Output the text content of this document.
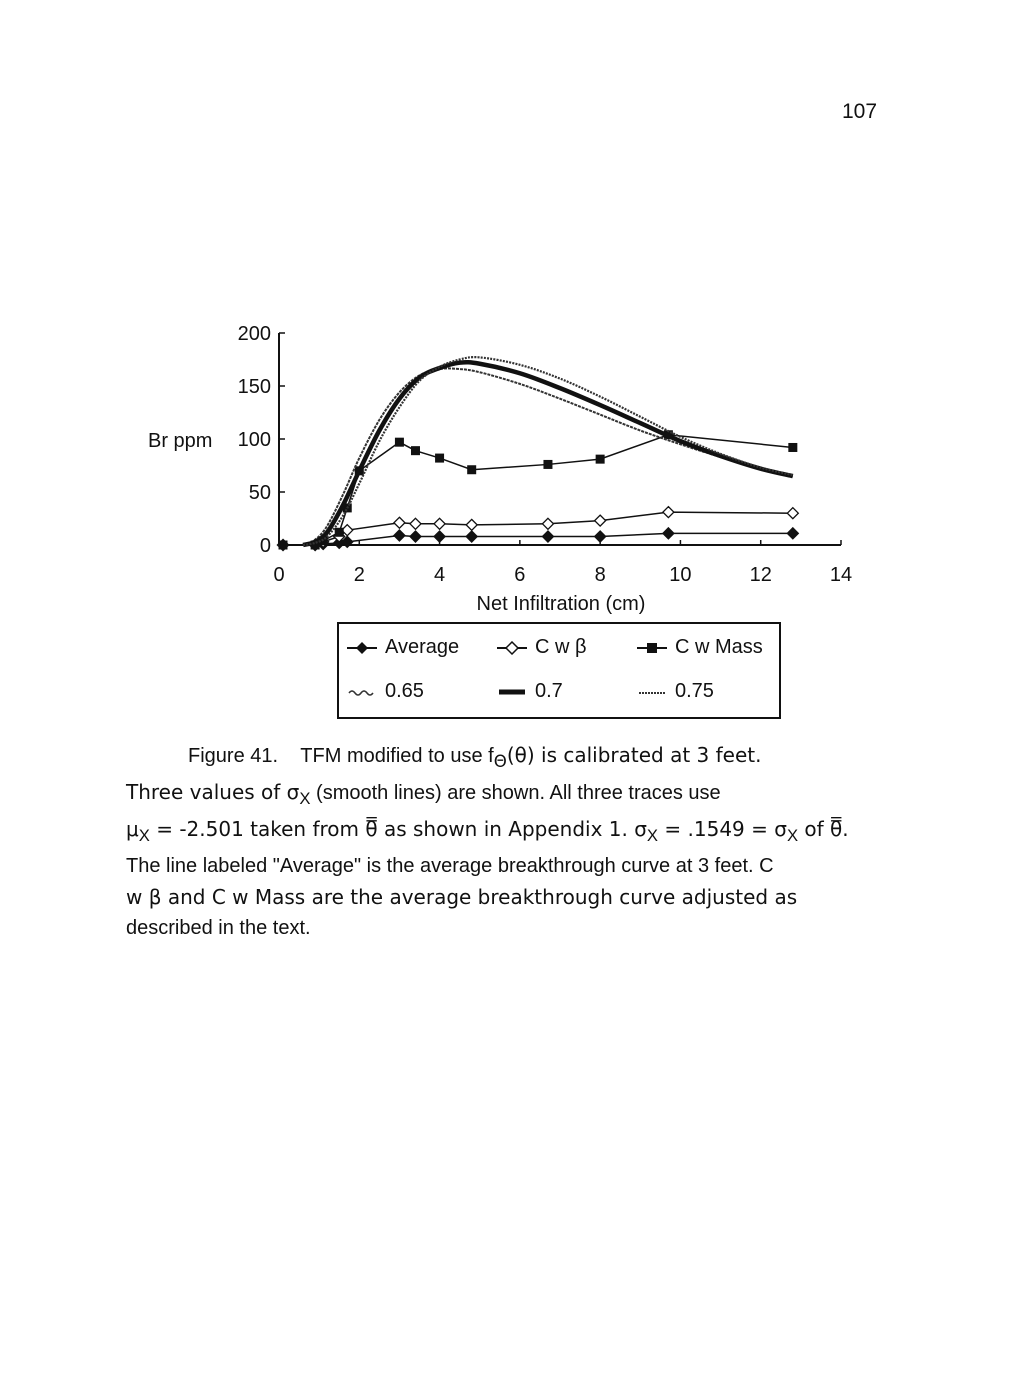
107
0
50
100
150
200
0	2	4	6	8	10	12	14
Br ppm
Net Infiltration (cm)
Average	C w β	C w Mass
0.65	0.7	0.75

Figure 41. TFM modified to use $f_\Theta(\theta)$ is calibrated at 3 feet.

Three values of $\sigma_X$ (smooth lines) are shown. All three traces use

$\mu_X = -2.501$ taken from θ̿ as shown in Appendix 1. $\sigma_X = .1549 = \sigma_X$ of θ̿.

The line labeled "Average" is the average breakthrough curve at 3 feet. C

w β and C w Mass are the average breakthrough curve adjusted as

described in the text.
